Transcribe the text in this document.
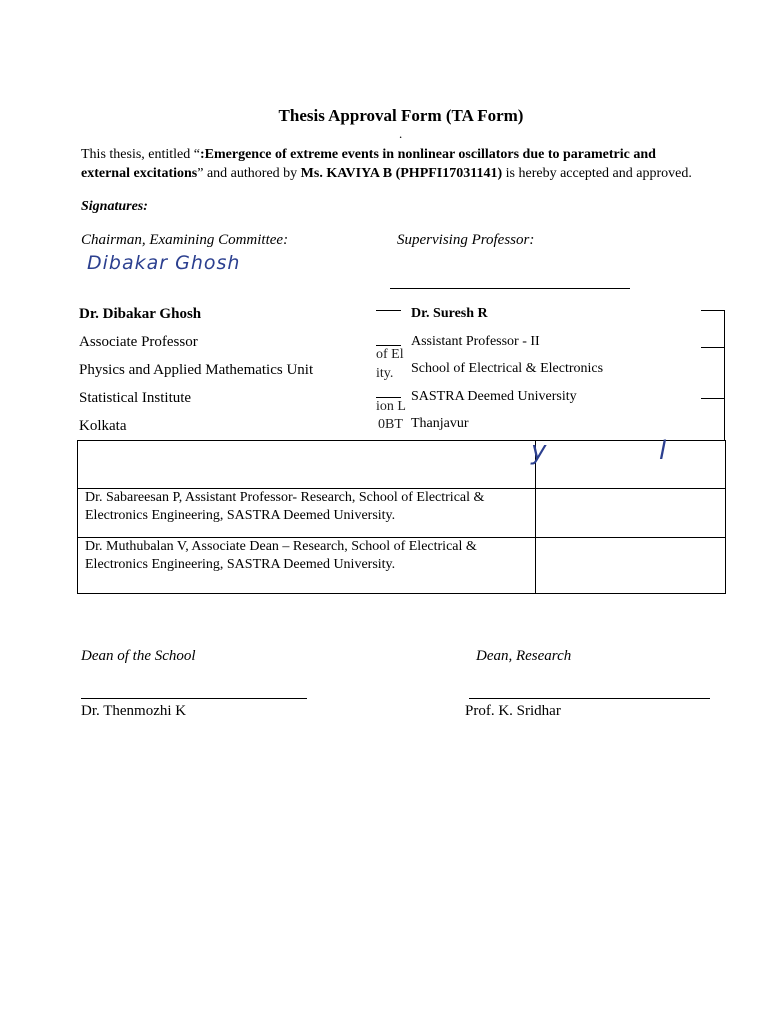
Thesis Approval Form (TA Form)
.
This thesis, entitled “:Emergence of extreme events in nonlinear oscillators due to parametric and external excitations” and authored by Ms. KAVIYA B (PHPFI17031141) is hereby accepted and approved.
Signatures:
Chairman, Examining Committee:
Dibakar Ghosh
Supervising Professor:
Dr. Dibakar Ghosh
Associate Professor
Physics and Applied Mathematics Unit
Statistical Institute
Kolkata
of El
ity.
ion L
0BT
Dr. Suresh R
Assistant Professor - II
School of Electrical & Electronics
SASTRA Deemed University
Thanjavur

Dr. Sabareesan P, Assistant Professor- Research, School of Electrical & Electronics Engineering, SASTRA Deemed University.	
Dr. Muthubalan V, Associate Dean – Research, School of Electrical & Electronics Engineering, SASTRA Deemed University.	
y	l
Dean of the School
Dr. Thenmozhi K
Dean, Research
Prof. K. Sridhar
